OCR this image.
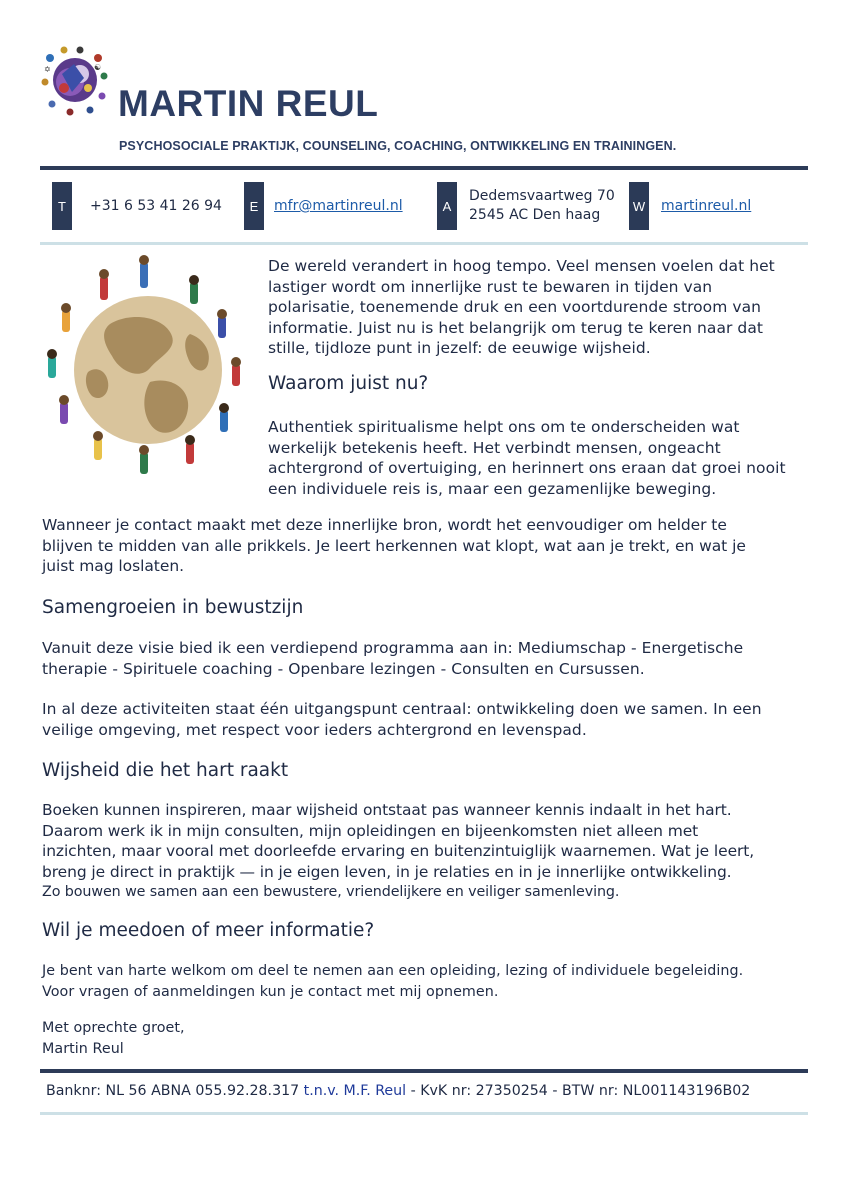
✡	☯
MARTIN REUL
PSYCHOSOCIALE PRAKTIJK, COUNSELING, COACHING, ONTWIKKELING EN TRAININGEN.
T	+31 6 53 41 26 94	E	mfr@martinreul.nl	A
Dedemsvaartweg 70
2545 AC Den haag
W martinreul.nl
De wereld verandert in hoog tempo. Veel mensen voelen dat het
lastiger wordt om innerlijke rust te bewaren in tijden van
polarisatie, toenemende druk en een voortdurende stroom van
informatie. Juist nu is het belangrijk om terug te keren naar dat
stille, tijdloze punt in jezelf: de eeuwige wijsheid.
Waarom juist nu?
Authentiek spiritualisme helpt ons om te onderscheiden wat
werkelijk betekenis heeft. Het verbindt mensen, ongeacht
achtergrond of overtuiging, en herinnert ons eraan dat groei nooit
een individuele reis is, maar een gezamenlijke beweging.
Wanneer je contact maakt met deze innerlijke bron, wordt het eenvoudiger om helder te
blijven te midden van alle prikkels. Je leert herkennen wat klopt, wat aan je trekt, en wat je
juist mag loslaten.
Samengroeien in bewustzijn
Vanuit deze visie bied ik een verdiepend programma aan in: Mediumschap - Energetische
therapie - Spirituele coaching - Openbare lezingen - Consulten en Cursussen.
In al deze activiteiten staat één uitgangspunt centraal: ontwikkeling doen we samen. In een
veilige omgeving, met respect voor ieders achtergrond en levenspad.
Wijsheid die het hart raakt
Boeken kunnen inspireren, maar wijsheid ontstaat pas wanneer kennis indaalt in het hart.
Daarom werk ik in mijn consulten, mijn opleidingen en bijeenkomsten niet alleen met
inzichten, maar vooral met doorleefde ervaring en buitenzintuiglijk waarnemen. Wat je leert,
breng je direct in praktijk — in je eigen leven, in je relaties en in je innerlijke ontwikkeling.
Zo bouwen we samen aan een bewustere, vriendelijkere en veiliger samenleving.
Wil je meedoen of meer informatie?
Je bent van harte welkom om deel te nemen aan een opleiding, lezing of individuele begeleiding.
Voor vragen of aanmeldingen kun je contact met mij opnemen.
Met oprechte groet,
Martin Reul
Banknr: NL 56 ABNA 055.92.28.317 t.n.v. M.F. Reul - KvK nr: 27350254 - BTW nr: NL001143196B02
